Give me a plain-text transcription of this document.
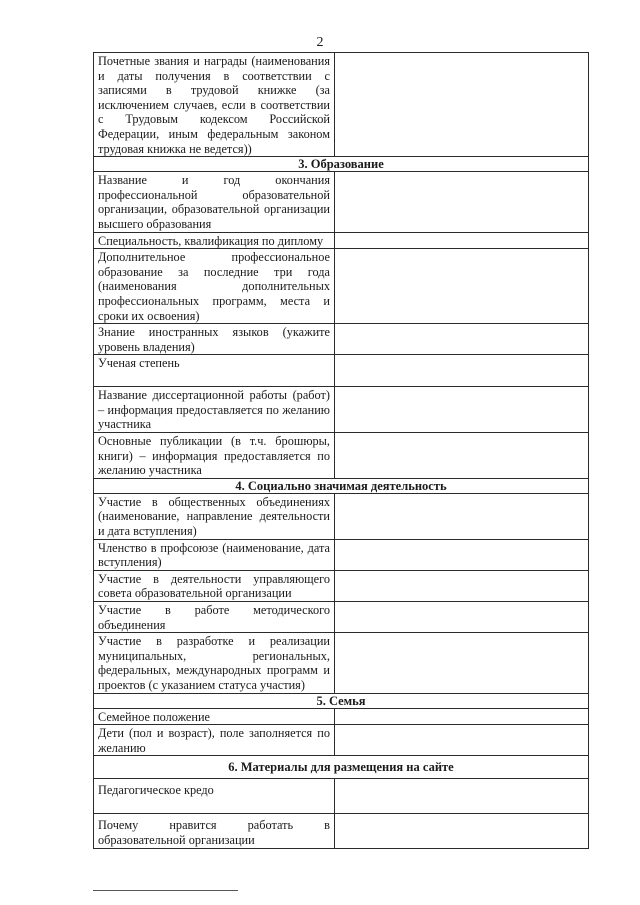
2
Почетные звания и награды (наименования и даты получения в соответствии с записями в трудовой книжке (за исключением случаев, если в соответствии с Трудовым кодексом Российской Федерации, иным федеральным законом трудовая книжка не ведется))	
3. Образование	
Название и год окончания профессиональной образовательной организации, образовательной организации высшего образования	
Специальность, квалификация по диплому	
Дополнительное профессиональное образование за последние три года (наименования дополнительных профессиональных программ, места и сроки их освоения)	
Знание иностранных языков (укажите уровень владения)	
Ученая степень	
Название диссертационной работы (работ) – информация предоставляется по желанию участника	
Основные публикации (в т.ч. брошюры, книги) – информация предоставляется по желанию участника	
4. Социально значимая деятельность	
Участие в общественных объединениях (наименование, направление деятельности и дата вступления)	
Членство в профсоюзе (наименование, дата вступления)	
Участие в деятельности управляющего совета образовательной организации	
Участие в работе методического объединения	
Участие в разработке и реализации муниципальных, региональных, федеральных, международных программ и проектов (с указанием статуса участия)	
5. Семья	
Семейное положение	
Дети (пол и возраст), поле заполняется по желанию	
6. Материалы для размещения на сайте	
Педагогическое кредо	
Почему нравится работать в образовательной организации	
